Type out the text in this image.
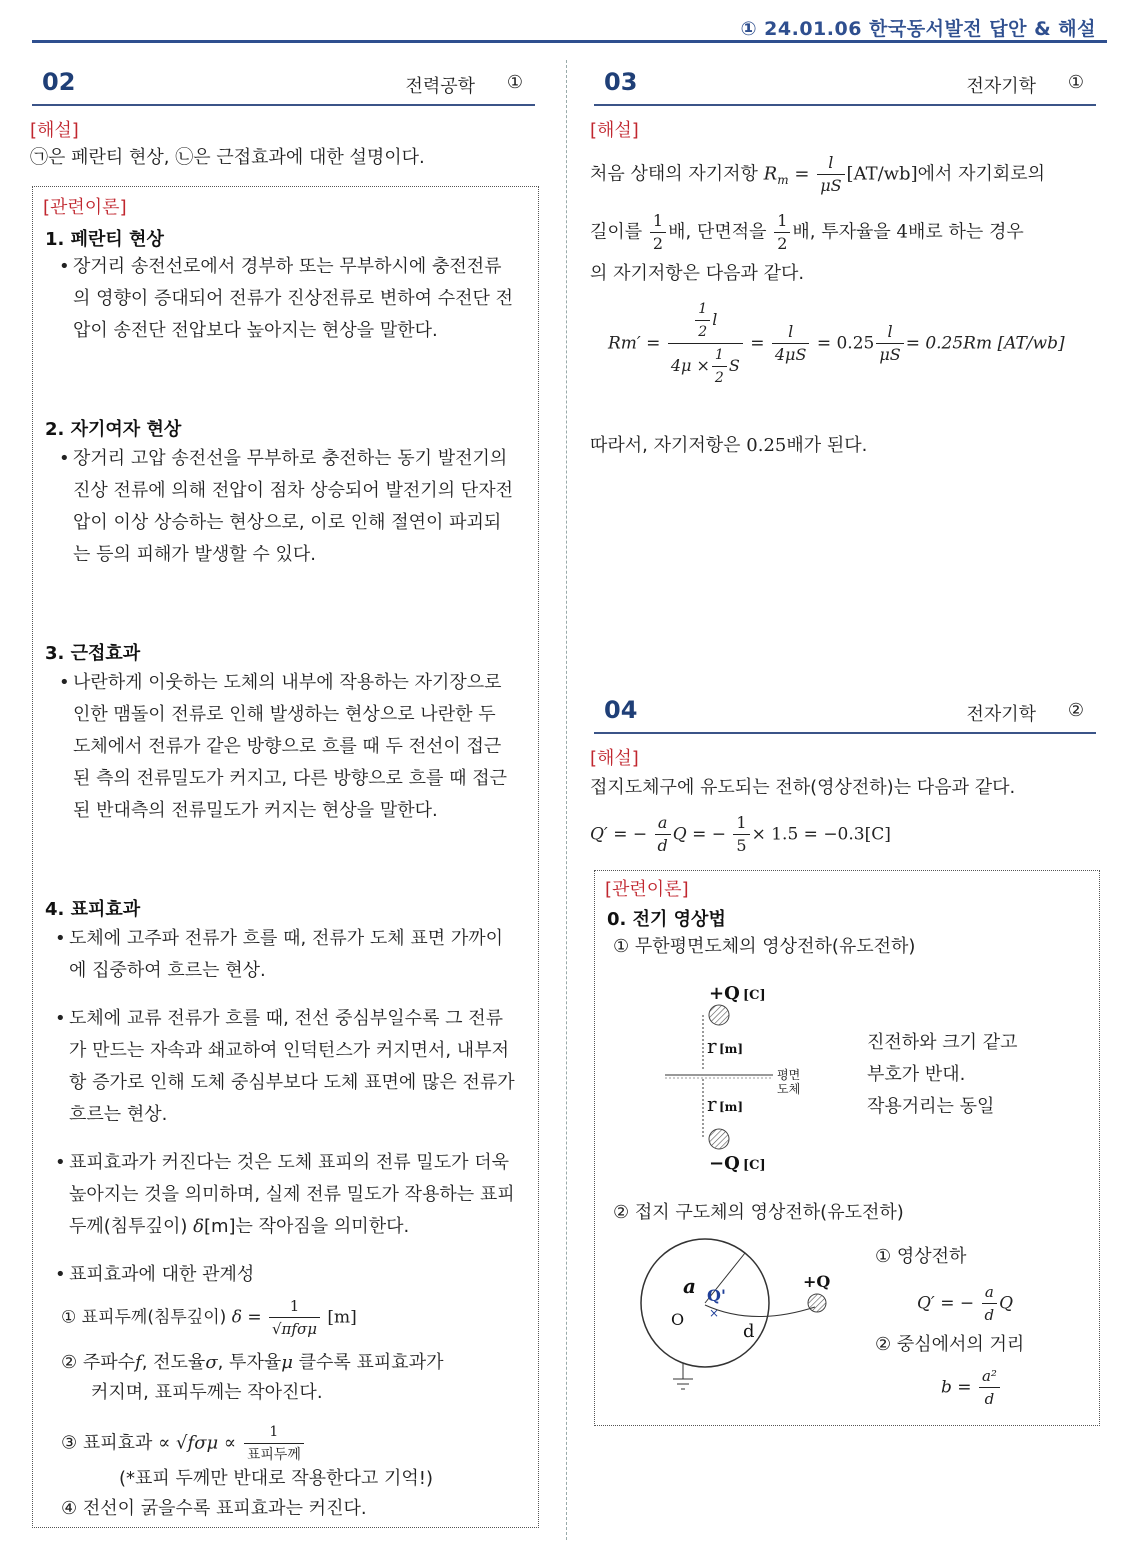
① 24.01.06 한국동서발전 답안 & 해설
02	전력공학 ①
[해설]
㉠은 페란티 현상, ㉡은 근접효과에 대한 설명이다.
[관련이론]
1. 페란티 현상
• 장거리 송전선로에서 경부하 또는 무부하시에 충전전류의 영향이 증대되어 전류가 진상전류로 변하여 수전단 전압이 송전단 전압보다 높아지는 현상을 말한다.
2. 자기여자 현상
• 장거리 고압 송전선을 무부하로 충전하는 동기 발전기의 진상 전류에 의해 전압이 점차 상승되어 발전기의 단자전압이 이상 상승하는 현상으로, 이로 인해 절연이 파괴되는 등의 피해가 발생할 수 있다.
3. 근접효과
• 나란하게 이웃하는 도체의 내부에 작용하는 자기장으로 인한 맴돌이 전류로 인해 발생하는 현상으로 나란한 두 도체에서 전류가 같은 방향으로 흐를 때 두 전선이 접근된 측의 전류밀도가 커지고, 다른 방향으로 흐를 때 접근된 반대측의 전류밀도가 커지는 현상을 말한다.
4. 표피효과
• 도체에 고주파 전류가 흐를 때, 전류가 도체 표면 가까이에 집중하여 흐르는 현상.
• 도체에 교류 전류가 흐를 때, 전선 중심부일수록 그 전류가 만드는 자속과 쇄교하여 인덕턴스가 커지면서, 내부저항 증가로 인해 도체 중심부보다 도체 표면에 많은 전류가 흐르는 현상.
• 표피효과가 커진다는 것은 도체 표피의 전류 밀도가 더욱 높아지는 것을 의미하며, 실제 전류 밀도가 작용하는 표피두께(침투깊이) δ[m]는 작아짐을 의미한다.
• 표피효과에 대한 관계성
① 표피두께(침투깊이) $\delta = \frac{1}{\text{√πfσμ}} [m]$
② 주파수f, 전도율σ, 투자율μ 클수록 표피효과가
커지며, 표피두께는 작아진다.
③ 표피효과 ∝ $√f\sigma\mu \propto \frac{1}{\text{표피두께}}$
(*표피 두께만 반대로 작용한다고 기억!)
④ 전선이 굵을수록 표피효과는 커진다.
03	전자기학 ①
[해설]
처음 상태의 자기저항 $R_m = \frac{l}{\mu S} [AT/wb]$에서 자기회로의
길이를 $\frac{1}{2}$ 배, 단면적을 $\frac{1}{2}$ 배, 투자율을 4배로 하는 경우
의 자기저항은 다음과 같다.
$Rm' = \frac{\frac{1}{2} l}{4\mu \times \frac{1}{2} S} = \frac{l}{4\mu S} = 0.25 \frac{l}{\mu S} = 0.25Rm$ [AT/wb]
따라서, 자기저항은 0.25배가 된다.
04	전자기학 ②
[해설]
접지도체구에 유도되는 전하(영상전하)는 다음과 같다.
Q′ = − $\frac{a}{d}$ Q = − $\frac{1}{5} \times 1.5 = -0.3[C]$
[관련이론]
0. 전기 영상법
① 무한평면도체의 영상전하(유도전하)
+Q [C]
r [m]
평면
도체
r [m]
−Q [C]
진전하와 크기 같고
부호가 반대.
작용거리는 동일
② 접지 구도체의 영상전하(유도전하)
a Q'
×
O
d
+Q
① 영상전하
Q′ = − $\frac{a}{d}$ Q
② 중심에서의 거리
$b = \frac{\text{a²}}{d}$
